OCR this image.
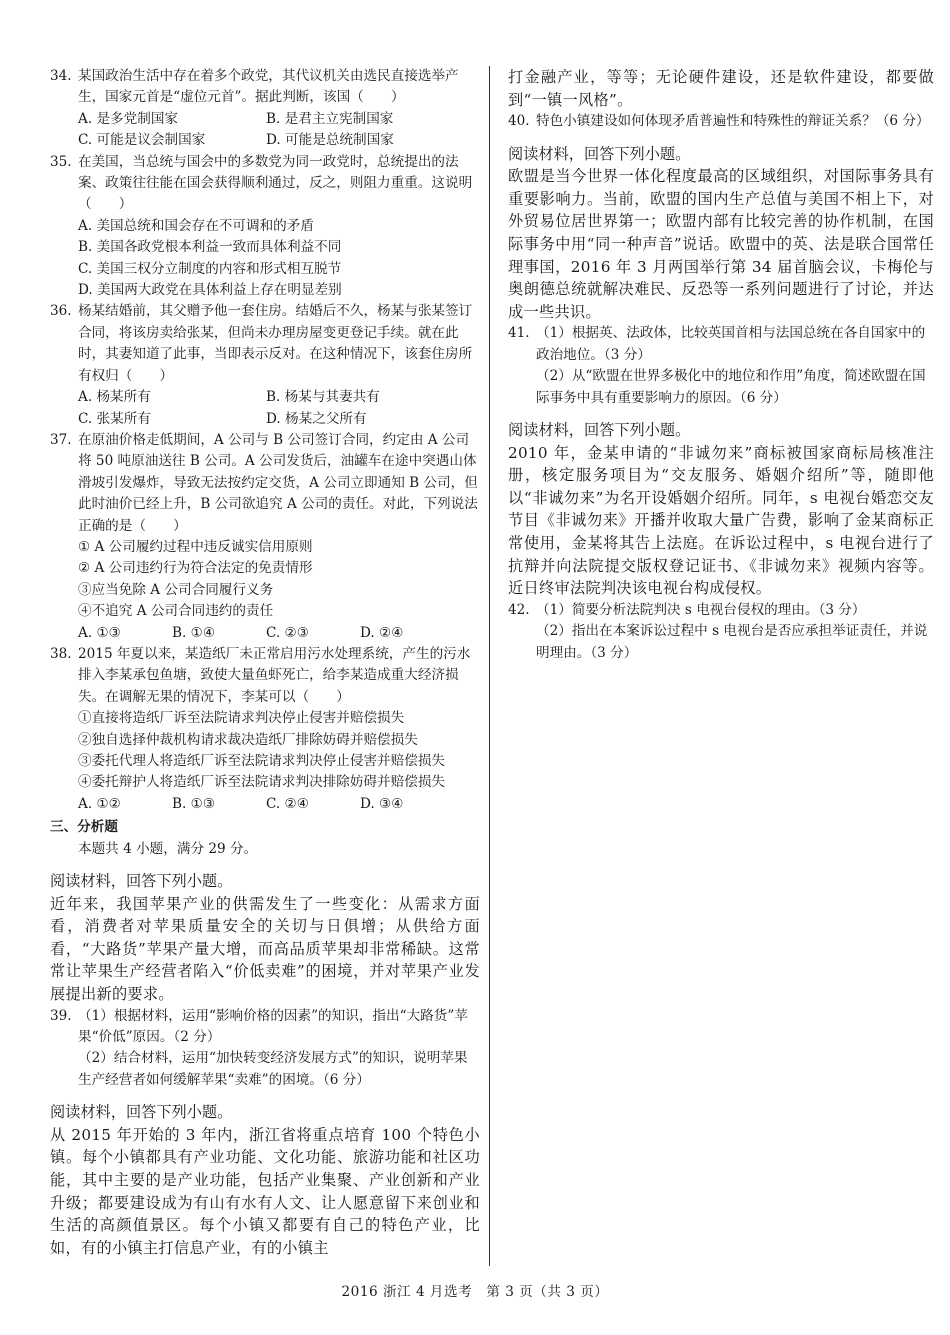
34. 某国政治生活中存在着多个政党，其代议机关由选民直接选举产生，国家元首是“虚位元首”。据此判断，该国（　　）
A. 是多党制国家	B. 是君主立宪制国家
C. 可能是议会制国家	D. 可能是总统制国家
35. 在美国，当总统与国会中的多数党为同一政党时，总统提出的法案、政策往往能在国会获得顺利通过，反之，则阻力重重。这说明（　　）
A. 美国总统和国会存在不可调和的矛盾
B. 美国各政党根本利益一致而具体利益不同
C. 美国三权分立制度的内容和形式相互脱节
D. 美国两大政党在具体利益上存在明显差别
36. 杨某结婚前，其父赠予他一套住房。结婚后不久，杨某与张某签订合同，将该房卖给张某，但尚未办理房屋变更登记手续。就在此时，其妻知道了此事，当即表示反对。在这种情况下，该套住房所有权归（　　）
A. 杨某所有	B. 杨某与其妻共有
C. 张某所有	D. 杨某之父所有
37. 在原油价格走低期间，A 公司与 B 公司签订合同，约定由 A 公司将 50 吨原油送往 B 公司。A 公司发货后，油罐车在途中突遇山体滑坡引发爆炸，导致无法按约定交货，A 公司立即通知 B 公司，但此时油价已经上升，B 公司欲追究 A 公司的责任。对此，下列说法正确的是（　　）
① A 公司履约过程中违反诚实信用原则
② A 公司违约行为符合法定的免责情形
③应当免除 A 公司合同履行义务
④不追究 A 公司合同违约的责任
A. ①③	B. ①④	C. ②③	D. ②④
38. 2015 年夏以来，某造纸厂未正常启用污水处理系统，产生的污水排入李某承包鱼塘，致使大量鱼虾死亡，给李某造成重大经济损失。在调解无果的情况下，李某可以（　　）
①直接将造纸厂诉至法院请求判决停止侵害并赔偿损失
②独自选择仲裁机构请求裁决造纸厂排除妨碍并赔偿损失
③委托代理人将造纸厂诉至法院请求判决停止侵害并赔偿损失
④委托辩护人将造纸厂诉至法院请求判决排除妨碍并赔偿损失
A. ①②	B. ①③	C. ②④	D. ③④
三、分析题
本题共 4 小题，满分 29 分。
阅读材料，回答下列小题。
近年来，我国苹果产业的供需发生了一些变化：从需求方面看，消费者对苹果质量安全的关切与日俱增；从供给方面看，“大路货”苹果产量大增，而高品质苹果却非常稀缺。这常常让苹果生产经营者陷入“价低卖难”的困境，并对苹果产业发展提出新的要求。
39. （1）根据材料，运用“影响价格的因素”的知识，指出“大路货”苹果“价低”原因。（2 分）
（2）结合材料，运用“加快转变经济发展方式”的知识，说明苹果生产经营者如何缓解苹果“卖难”的困境。（6 分）
阅读材料，回答下列小题。
从 2015 年开始的 3 年内，浙江省将重点培育 100 个特色小镇。每个小镇都具有产业功能、文化功能、旅游功能和社区功能，其中主要的是产业功能，包括产业集聚、产业创新和产业升级；都要建设成为有山有水有人文、让人愿意留下来创业和生活的高颜值景区。每个小镇又都要有自己的特色产业，比如，有的小镇主打信息产业，有的小镇主
打金融产业，等等；无论硬件建设，还是软件建设，都要做到“一镇一风格”。
40. 特色小镇建设如何体现矛盾普遍性和特殊性的辩证关系？（6 分）
阅读材料，回答下列小题。
欧盟是当今世界一体化程度最高的区域组织，对国际事务具有重要影响力。当前，欧盟的国内生产总值与美国不相上下，对外贸易位居世界第一；欧盟内部有比较完善的协作机制，在国际事务中用“同一种声音”说话。欧盟中的英、法是联合国常任理事国，2016 年 3 月两国举行第 34 届首脑会议，卡梅伦与奥朗德总统就解决难民、反恐等一系列问题进行了讨论，并达成一些共识。
41. （1）根据英、法政体，比较英国首相与法国总统在各自国家中的政治地位。（3 分）
（2）从“欧盟在世界多极化中的地位和作用”角度，简述欧盟在国际事务中具有重要影响力的原因。（6 分）
阅读材料，回答下列小题。
2010 年，金某申请的“非诚勿来”商标被国家商标局核准注册，核定服务项目为“交友服务、婚姻介绍所”等，随即他以“非诚勿来”为名开设婚姻介绍所。同年，s 电视台婚恋交友节目《非诚勿来》开播并收取大量广告费，影响了金某商标正常使用，金某将其告上法庭。在诉讼过程中，s 电视台进行了抗辩并向法院提交版权登记证书、《非诚勿来》视频内容等。近日终审法院判决该电视台构成侵权。
42. （1）简要分析法院判决 s 电视台侵权的理由。（3 分）
（2）指出在本案诉讼过程中 s 电视台是否应承担举证责任，并说明理由。（3 分）
2016 浙江 4 月选考　第 3 页（共 3 页）
